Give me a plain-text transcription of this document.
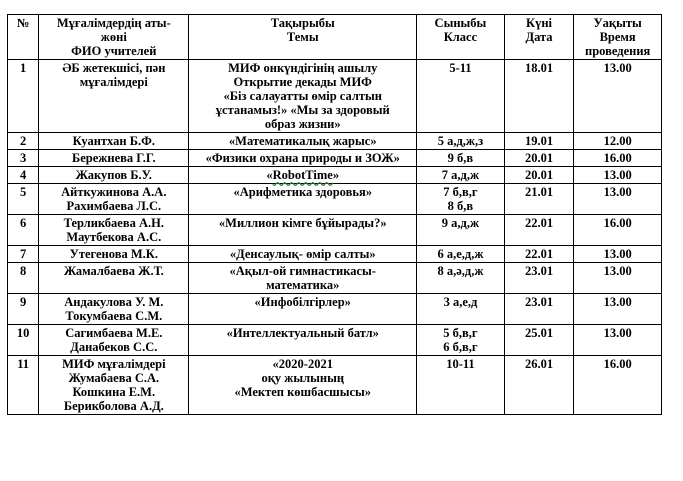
№	Мұғалімдердің аты-
жөні
ФИО учителей	Тақырыбы
Темы	Сыныбы
Класс	Күні
Дата	Уақыты
Время
проведения

1	ӘБ жетекшісі, пән
мұғалімдері	МИФ онкүндігінің ашылу
Открытие декады МИФ
«Біз салауатты өмір салтын
ұстанамыз!» «Мы за здоровый
образ жизни»	5-11	18.01	13.00
2	Куантхан Б.Ф.	«Математикалық жарыс»	5 а,д,ж,з	19.01	12.00
3	Бережнева Г.Г.	«Физики охрана природы и ЗОЖ»	9 б,в	20.01	16.00
4	Жакупов Б.У.	«RobotTime»	7 а,д,ж	20.01	13.00
5	Айткужинова А.А.
Рахимбаева Л.С.	«Арифметика здоровья»	7 б,в,г
8 б,в	21.01	13.00
6	Терликбаева А.Н.
Маутбекова А.С.	«Миллион кімге бұйырады?»	9 а,д,ж	22.01	16.00
7	Утегенова М.К.	«Денсаулық- өмір салты»	6 а,е,д,ж	22.01	13.00
8	Жамалбаева Ж.Т.	«Ақыл-ой гимнастикасы-
математика»	8 а,ә,д,ж	23.01	13.00
9	Андакулова У. М.
Токумбаева С.М.	«Инфобілгірлер»	3 а,е,д	23.01	13.00
10	Сагимбаева М.Е.
Данабеков С.С.	«Интеллектуальный батл»	5 б,в,г
6 б,в,г	25.01	13.00
11	МИФ мұғалімдері
Жумабаева С.А.
Кошкина Е.М.
Берикболова А.Д.	«2020-2021
оқу жылының
«Мектеп көшбасшысы»	10-11	26.01	16.00
